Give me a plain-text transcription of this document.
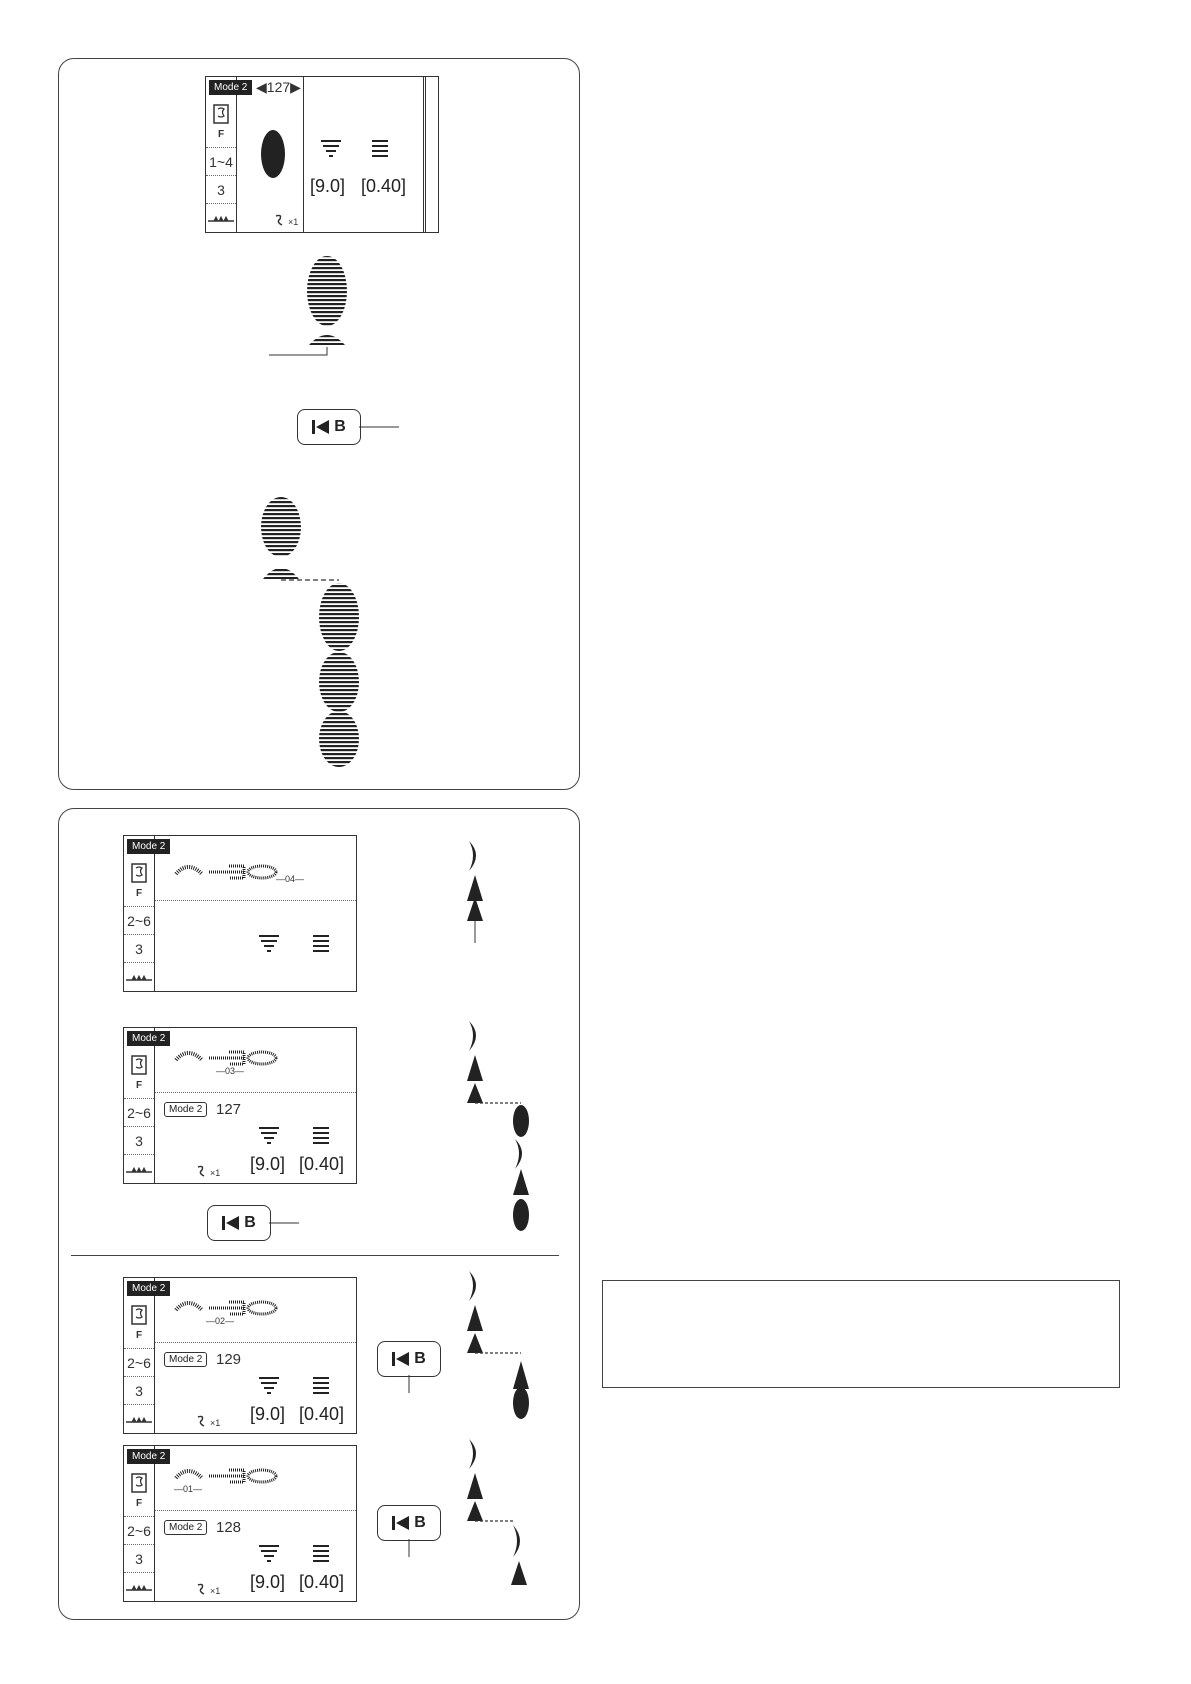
F
1~4
3
Mode 2 ◀127▶
×1
[9.0] [0.40]
B
F
2~6
3
Mode 2
—04—
F
2~6
3
Mode 2
—03—
Mode 2 127
×1 [9.0] [0.40]
B
F
2~6
3
Mode 2
—02—
Mode 2 129
×1 [9.0] [0.40]
F
2~6
3
Mode 2
—01—
Mode 2 128
×1 [9.0] [0.40]
B
B
